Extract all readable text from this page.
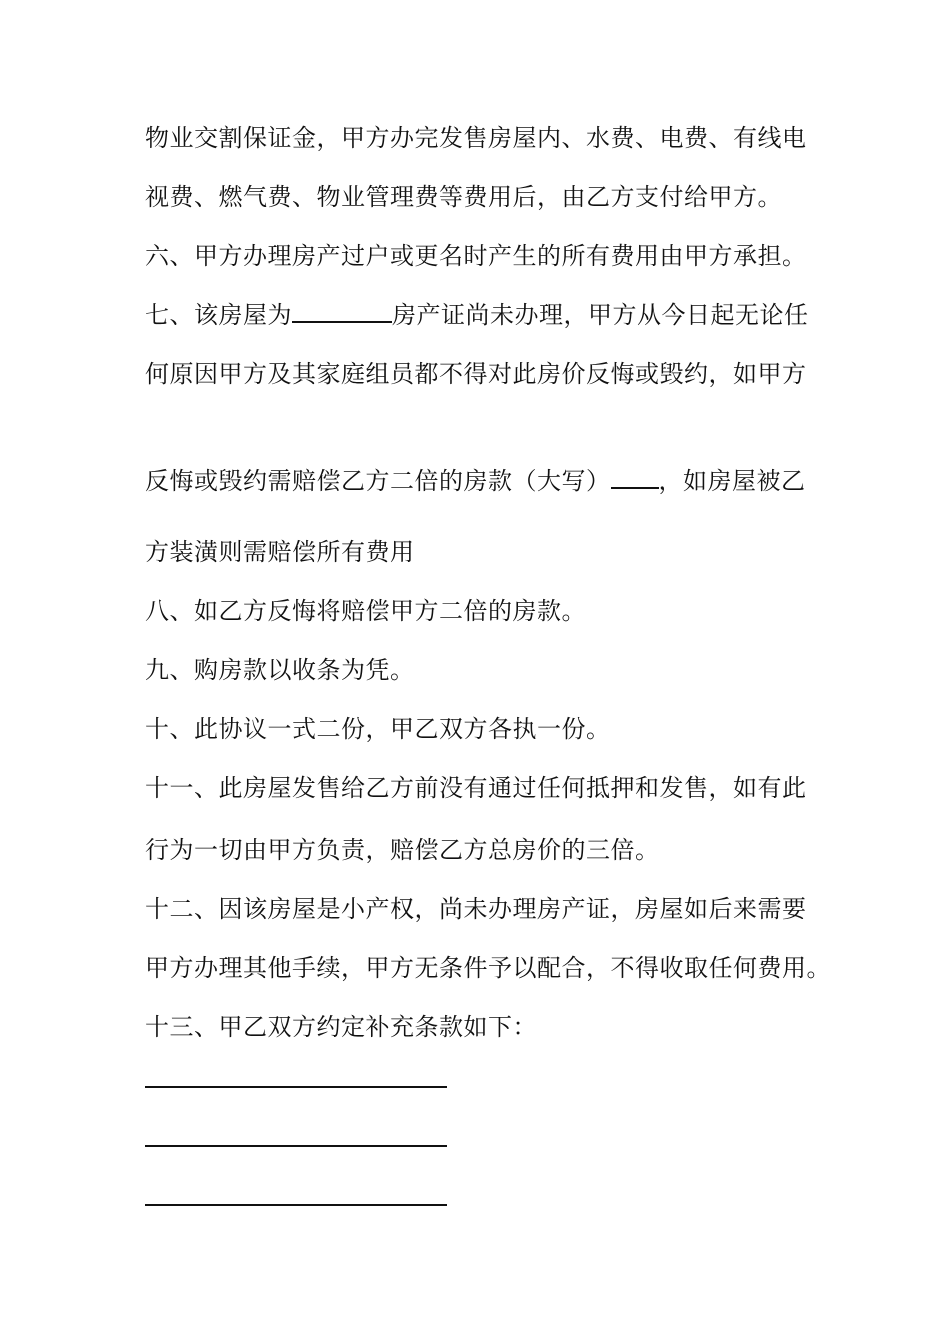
物业交割保证金，甲方办完发售房屋内、水费、电费、有线电
视费、燃气费、物业管理费等费用后，由乙方支付给甲方。
六、甲方办理房产过户或更名时产生的所有费用由甲方承担。
七、该房屋为	房产证尚未办理，甲方从今日起无论任
何原因甲方及其家庭组员都不得对此房价反悔或毁约，如甲方
反悔或毁约需赔偿乙方二倍的房款（大写） ，如房屋被乙
方装潢则需赔偿所有费用
八、如乙方反悔将赔偿甲方二倍的房款。
九、购房款以收条为凭。
十、此协议一式二份，甲乙双方各执一份。
十一、此房屋发售给乙方前没有通过任何抵押和发售，如有此
行为一切由甲方负责，赔偿乙方总房价的三倍。
十二、因该房屋是小产权，尚未办理房产证，房屋如后来需要
甲方办理其他手续，甲方无条件予以配合，不得收取任何费用。
十三、甲乙双方约定补充条款如下：
